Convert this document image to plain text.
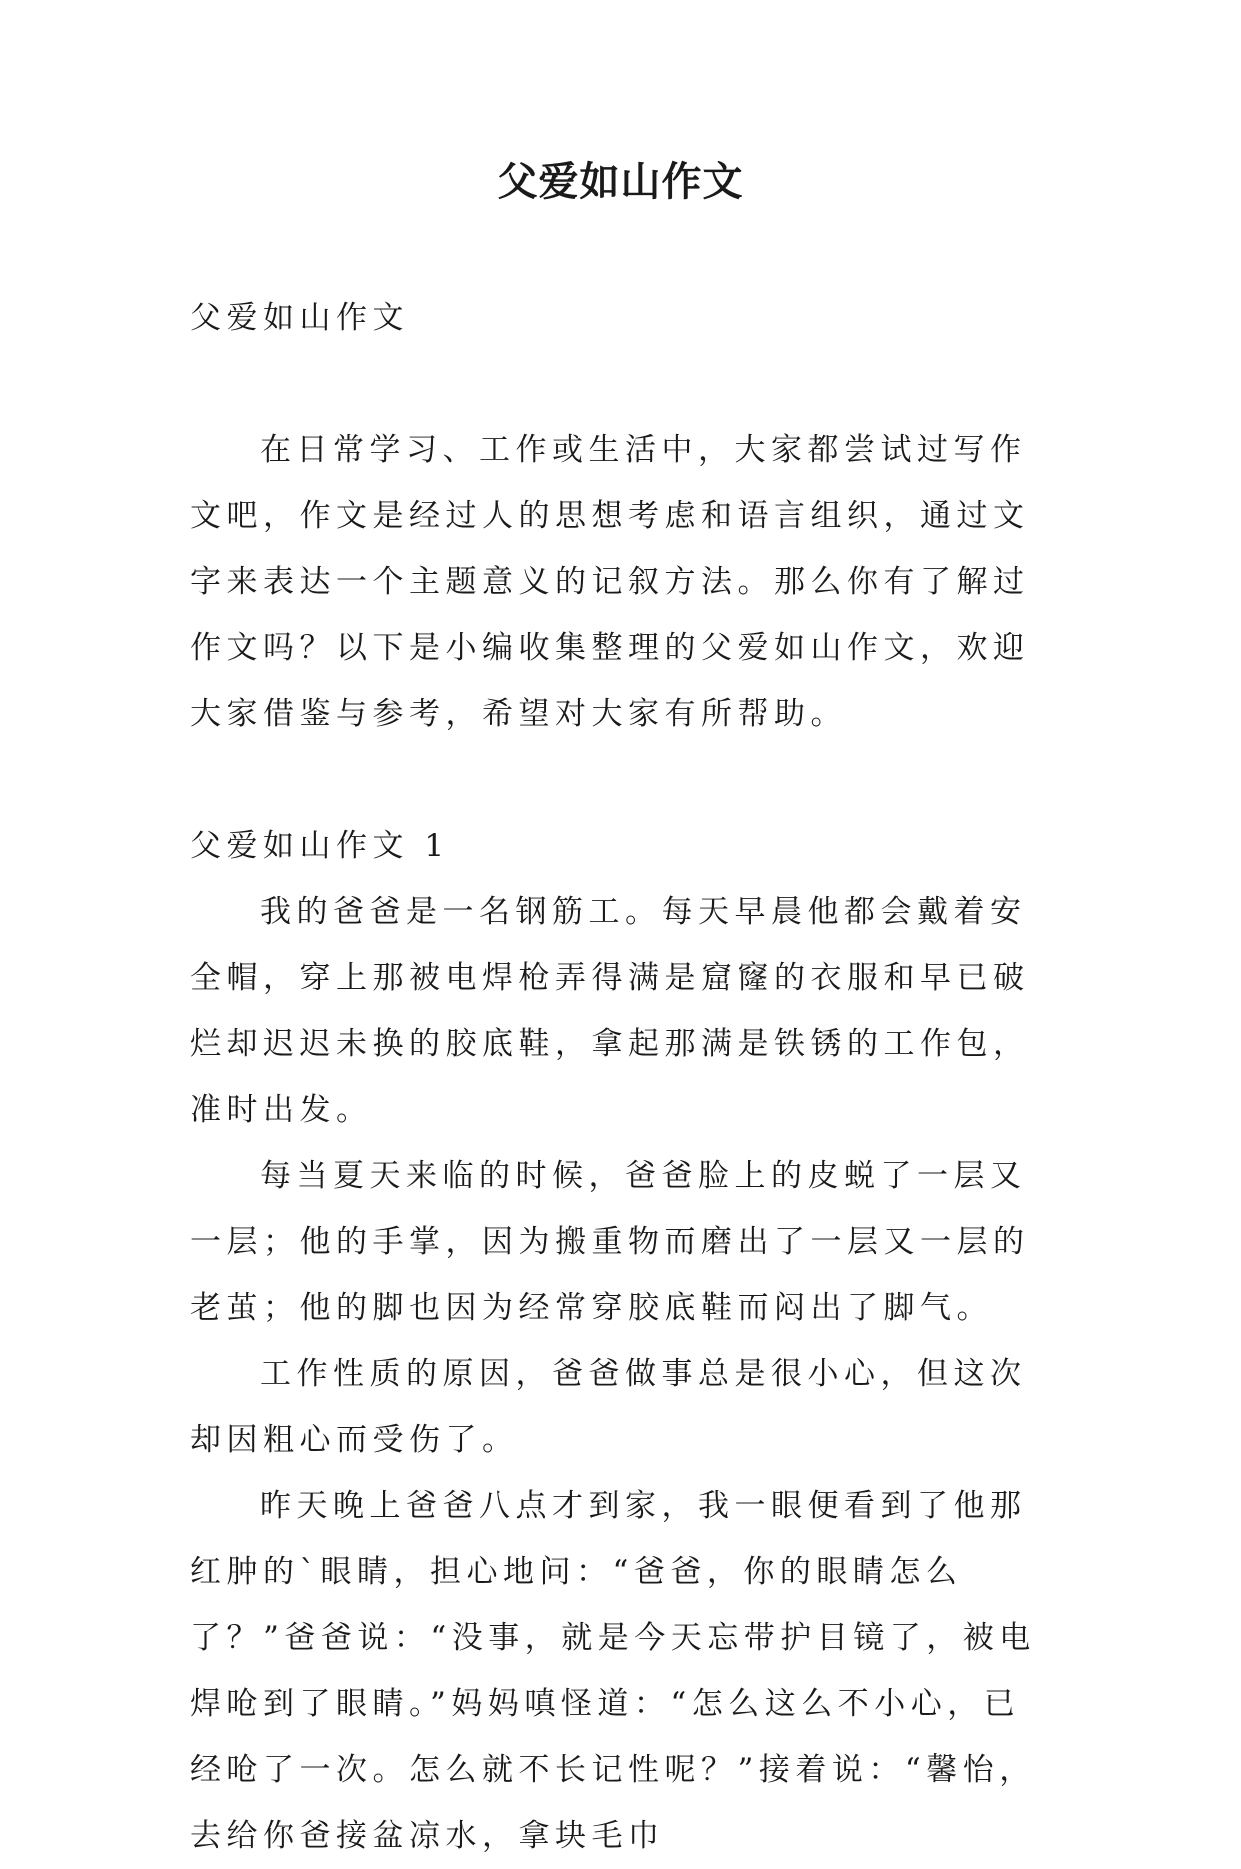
父爱如山作文

父爱如山作文

在日常学习、工作或生活中，大家都尝试过写作文吧，作文是经过人的思想考虑和语言组织，通过文字来表达一个主题意义的记叙方法。那么你有了解过作文吗？以下是小编收集整理的父爱如山作文，欢迎大家借鉴与参考，希望对大家有所帮助。

父爱如山作文 1

我的爸爸是一名钢筋工。每天早晨他都会戴着安全帽，穿上那被电焊枪弄得满是窟窿的衣服和早已破烂却迟迟未换的胶底鞋，拿起那满是铁锈的工作包，准时出发。

每当夏天来临的时候，爸爸脸上的皮蜕了一层又一层；他的手掌，因为搬重物而磨出了一层又一层的老茧；他的脚也因为经常穿胶底鞋而闷出了脚气。

工作性质的原因，爸爸做事总是很小心，但这次却因粗心而受伤了。

昨天晚上爸爸八点才到家，我一眼便看到了他那红肿的`眼睛，担心地问：“爸爸，你的眼睛怎么了？”爸爸说：“没事，就是今天忘带护目镜了，被电焊呛到了眼睛。”妈妈嗔怪道：“怎么这么不小心，已经呛了一次。怎么就不长记性呢？”接着说：“馨怡，去给你爸接盆凉水，拿块毛巾
